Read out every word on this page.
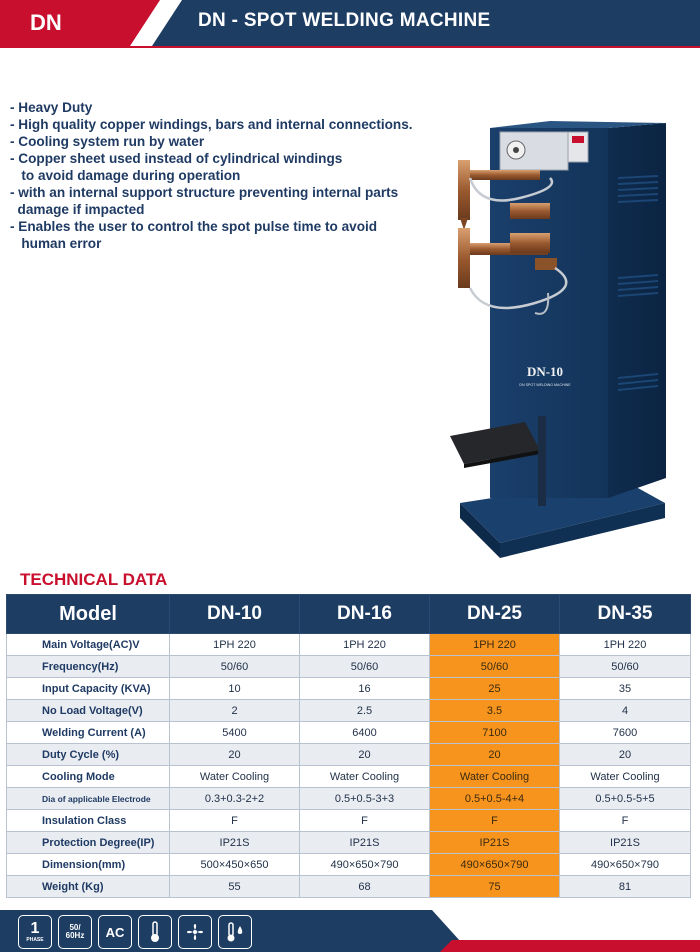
DN	DN - SPOT WELDING MACHINE
- Heavy Duty
- High quality copper windings, bars and internal connections.
- Cooling system run by water
- Copper sheet used instead of cylindrical windings
to avoid damage during operation
- with an internal support structure preventing internal parts
damage if impacted
- Enables the user to control the spot pulse time to avoid
human error
DN-10
DN SPOT WELDING MACHINE
TECHNICAL DATA
Model	DN-10	DN-16	DN-25	DN-35
Main Voltage(AC)V	1PH 220	1PH 220	1PH 220	1PH 220
Frequency(Hz)	50/60	50/60	50/60	50/60
Input Capacity (KVA)	10	16	25	35
No Load Voltage(V)	2	2.5	3.5	4
Welding Current (A)	5400	6400	7100	7600
Duty Cycle (%)	20	20	20	20
Cooling Mode	Water Cooling	Water Cooling	Water Cooling	Water Cooling
Dia of applicable Electrode	0.3+0.3-2+2	0.5+0.5-3+3	0.5+0.5-4+4	0.5+0.5-5+5
Insulation Class	F	F	F	F
Protection Degree(IP)	IP21S	IP21S	IP21S	IP21S
Dimension(mm)	500×450×650	490×650×790	490×650×790	490×650×790
Weight (Kg)	55	68	75	81
1
PHASE
50/
60Hz AC
